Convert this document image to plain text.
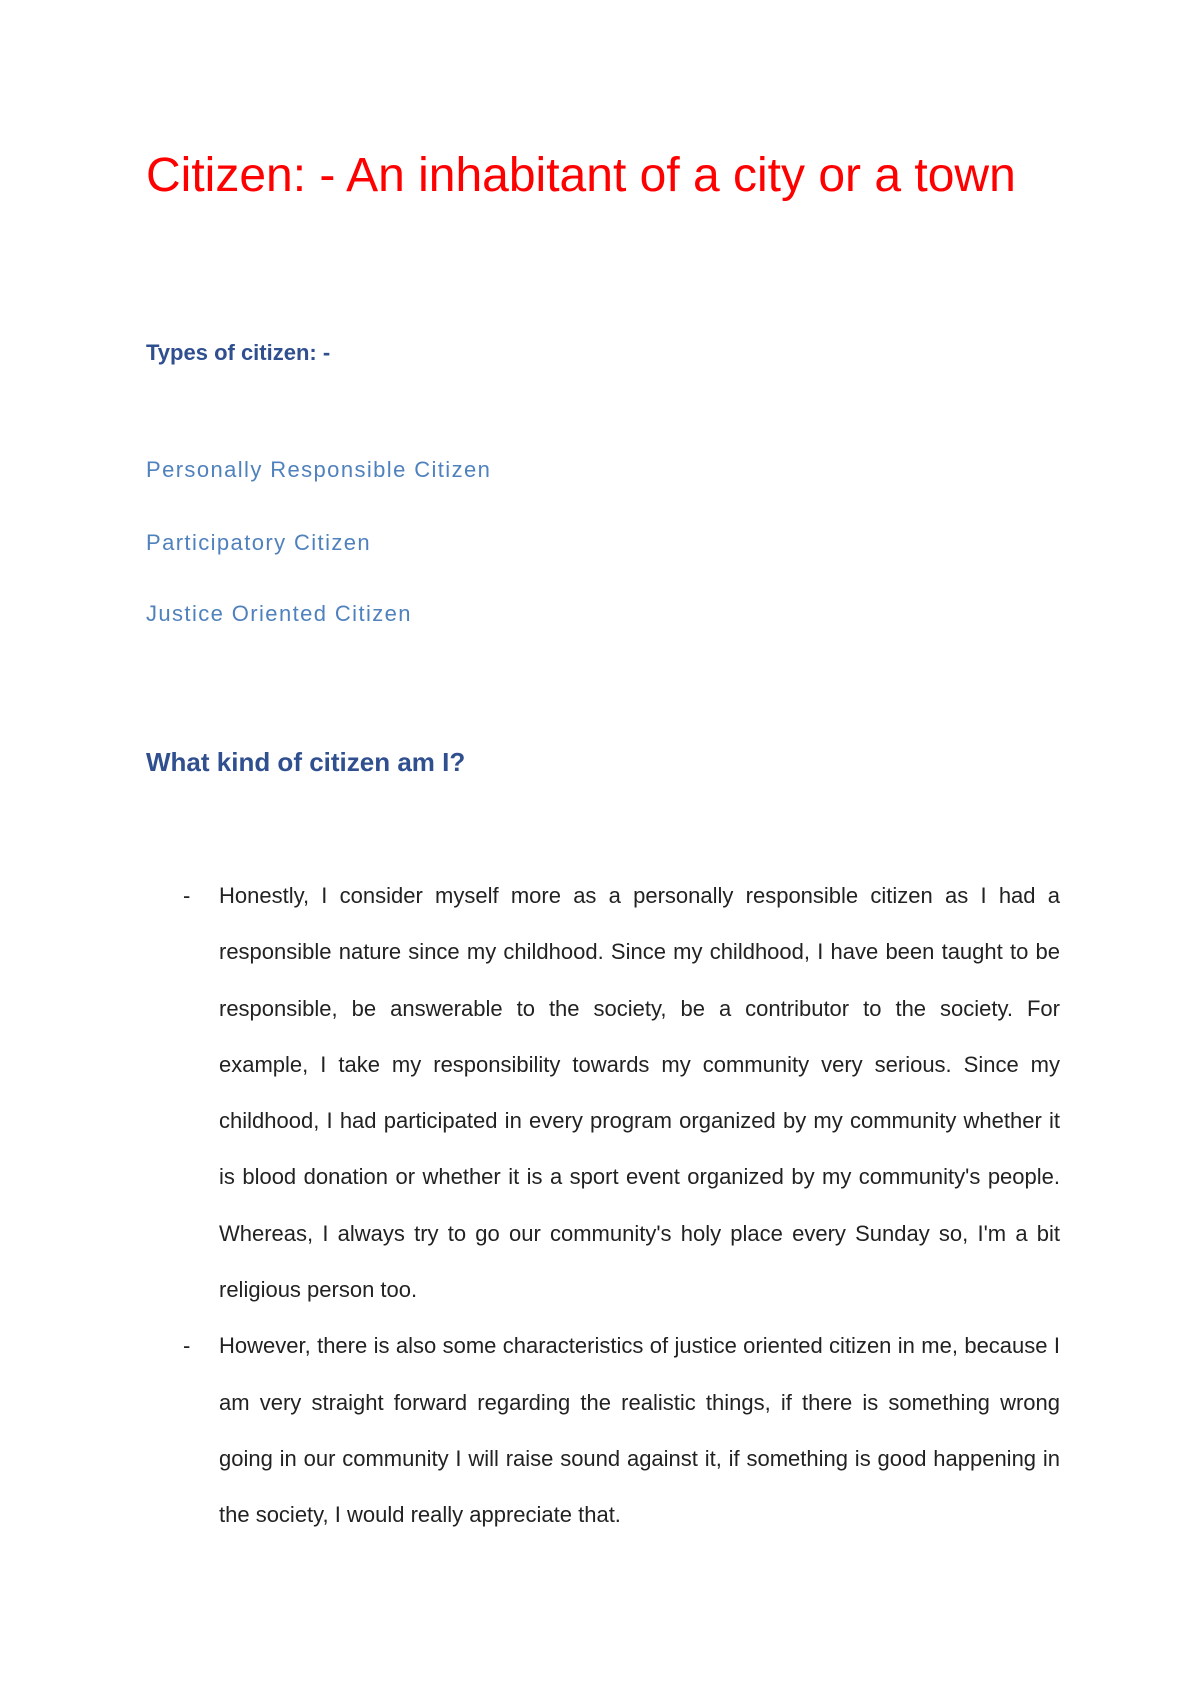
Citizen: - An inhabitant of a city or a town
Types of citizen: -
Personally Responsible Citizen
Participatory Citizen
Justice Oriented Citizen
What kind of citizen am I?
- Honestly, I consider myself more as a personally responsible citizen as I had a responsible nature since my childhood. Since my childhood, I have been taught to be responsible, be answerable to the society, be a contributor to the society. For example, I take my responsibility towards my community very serious. Since my childhood, I had participated in every program organized by my community whether it is blood donation or whether it is a sport event organized by my community's people. Whereas, I always try to go our community's holy place every Sunday so, I'm a bit religious person too.
- However, there is also some characteristics of justice oriented citizen in me, because I am very straight forward regarding the realistic things, if there is something wrong going in our community I will raise sound against it, if something is good happening in the society, I would really appreciate that.
